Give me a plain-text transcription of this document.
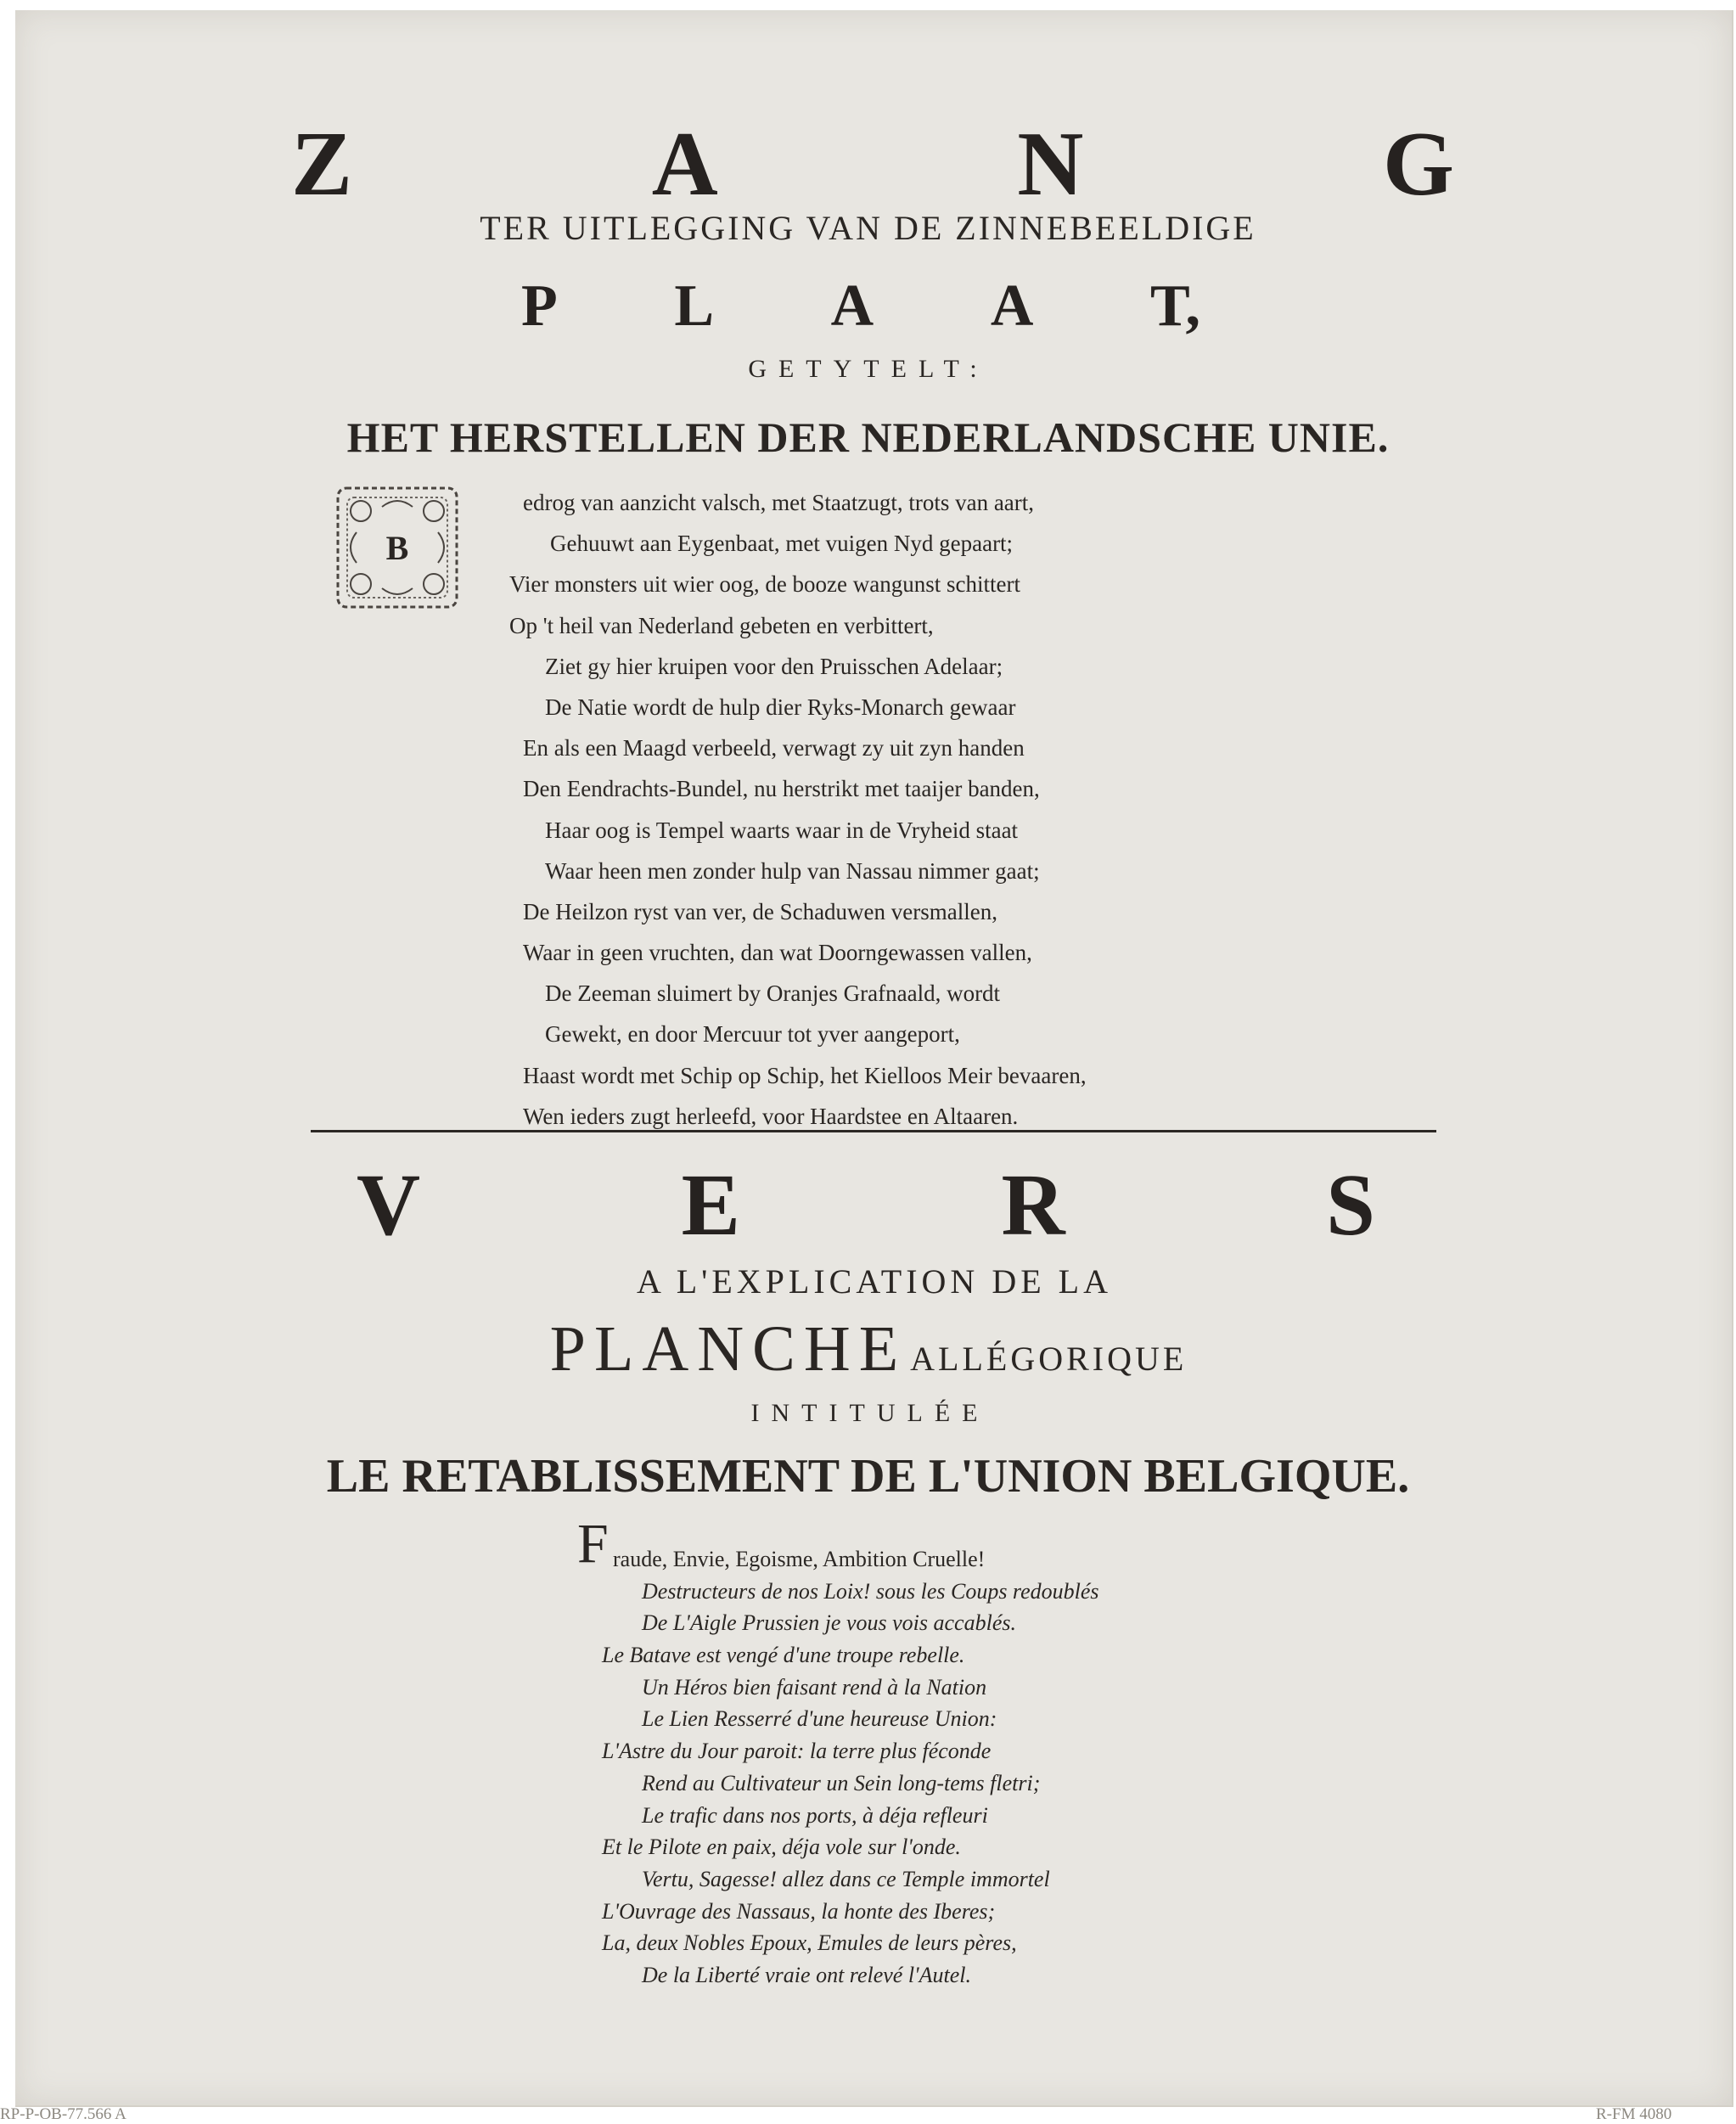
Z	A	N	G
TER UITLEGGING VAN DE ZINNEBEELDIGE
P L A A T,
GETYTELT:
HET HERSTELLEN DER NEDERLANDSCHE UNIE.
B
edrog van aanzicht valsch, met Staatzugt, trots van aart,
Gehuuwt aan Eygenbaat, met vuigen Nyd gepaart;
Vier monsters uit wier oog, de booze wangunst schittert
Op 't heil van Nederland gebeten en verbittert,
Ziet gy hier kruipen voor den Pruisschen Adelaar;
De Natie wordt de hulp dier Ryks-Monarch gewaar
En als een Maagd verbeeld, verwagt zy uit zyn handen
Den Eendrachts-Bundel, nu herstrikt met taaijer banden,
Haar oog is Tempel waarts waar in de Vryheid staat
Waar heen men zonder hulp van Nassau nimmer gaat;
De Heilzon ryst van ver, de Schaduwen versmallen,
Waar in geen vruchten, dan wat Doorngewassen vallen,
De Zeeman sluimert by Oranjes Grafnaald, wordt
Gewekt, en door Mercuur tot yver aangeport,
Haast wordt met Schip op Schip, het Kielloos Meir bevaaren,
Wen ieders zugt herleefd, voor Haardstee en Altaaren.
V	E	R	S
A L'EXPLICATION DE LA
PLANCHE ALLÉGORIQUE
INTITULÉE
LE RETABLISSEMENT DE L'UNION BELGIQUE.
F raude, Envie, Egoisme, Ambition Cruelle!
Destructeurs de nos Loix! sous les Coups redoublés
De L'Aigle Prussien je vous vois accablés.
Le Batave est vengé d'une troupe rebelle.
Un Héros bien faisant rend à la Nation
Le Lien Resserré d'une heureuse Union:
L'Astre du Jour paroit: la terre plus féconde
Rend au Cultivateur un Sein long-tems fletri;
Le trafic dans nos ports, à déja refleuri
Et le Pilote en paix, déja vole sur l'onde.
Vertu, Sagesse! allez dans ce Temple immortel
L'Ouvrage des Nassaus, la honte des Iberes;
La, deux Nobles Epoux, Emules de leurs pères,
De la Liberté vraie ont relevé l'Autel.
RP-P-OB-77.566 A	R-FM 4080
